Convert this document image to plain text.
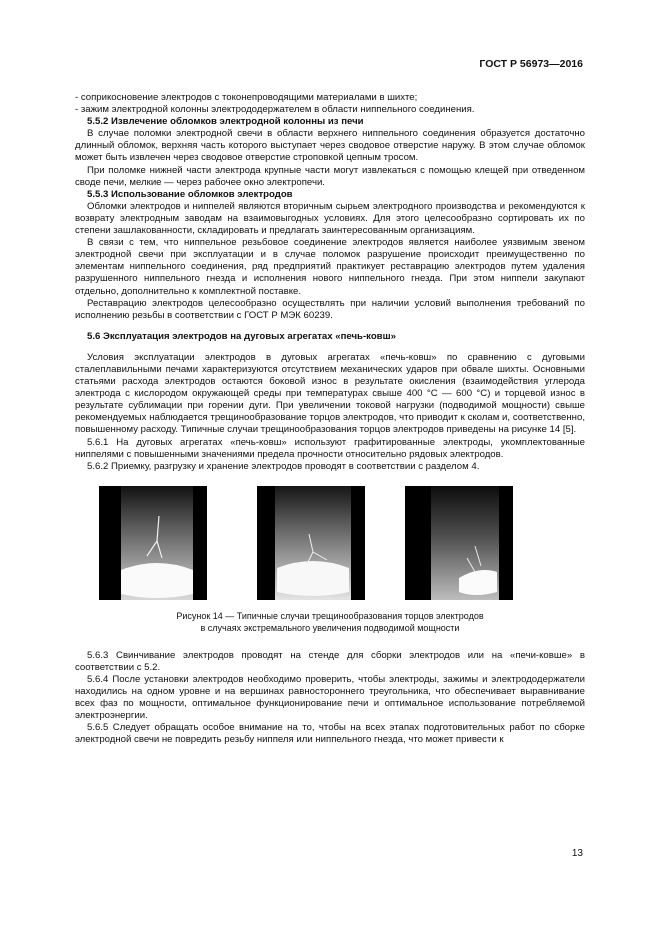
ГОСТ Р 56973—2016

- соприкосновение электродов с токонепроводящими материалами в шихте;

- зажим электродной колонны электрододержателем в области ниппельного соединения.

5.5.2 Извлечение обломков электродной колонны из печи

В случае поломки электродной свечи в области верхнего ниппельного соединения образуется достаточно длинный обломок, верхняя часть которого выступает через сводовое отверстие наружу. В этом случае обломок может быть извлечен через сводовое отверстие строповкой цепным тросом.

При поломке нижней части электрода крупные части могут извлекаться с помощью клещей при отведенном своде печи, мелкие — через рабочее окно электропечи.

5.5.3 Использование обломков электродов

Обломки электродов и ниппелей являются вторичным сырьем электродного производства и рекомендуются к возврату электродным заводам на взаимовыгодных условиях. Для этого целесообразно сортировать их по степени зашлакованности, складировать и предлагать заинтересованным организациям.

В связи с тем, что ниппельное резьбовое соединение электродов является наиболее уязвимым звеном электродной свечи при эксплуатации и в случае поломок разрушение происходит преимущественно по элементам ниппельного соединения, ряд предприятий практикует реставрацию электродов путем удаления разрушенного ниппельного гнезда и исполнения нового ниппельного гнезда. При этом ниппели закупают отдельно, дополнительно к комплектной поставке.

Реставрацию электродов целесообразно осуществлять при наличии условий выполнения требований по исполнению резьбы в соответствии с ГОСТ Р МЭК 60239.

5.6 Эксплуатация электродов на дуговых агрегатах «печь-ковш»

Условия эксплуатации электродов в дуговых агрегатах «печь-ковш» по сравнению с дуговыми сталеплавильными печами характеризуются отсутствием механических ударов при обвале шихты. Основными статьями расхода электродов остаются боковой износ в результате окисления (взаимодействия углерода электрода с кислородом окружающей среды при температурах свыше 400 °C — 600 °C) и торцевой износ в результате сублимации при горении дуги. При увеличении токовой нагрузки (подводимой мощности) свыше рекомендуемых наблюдается трещинообразование торцов электродов, что приводит к сколам и, соответственно, повышенному расходу. Типичные случаи трещинообразования торцов электродов приведены на рисунке 14 [5].

5.6.1 На дуговых агрегатах «печь-ковш» используют графитированные электроды, укомплектованные ниппелями с повышенными значениями предела прочности относительно рядовых электродов.

5.6.2 Приемку, разгрузку и хранение электродов проводят в соответствии с разделом 4.

Рисунок 14 — Типичные случаи трещинообразования торцов электродов
в случаях экстремального увеличения подводимой мощности

5.6.3 Свинчивание электродов проводят на стенде для сборки электродов или на «печи-ковше» в соответствии с 5.2.

5.6.4 После установки электродов необходимо проверить, чтобы электроды, зажимы и электрододержатели находились на одном уровне и на вершинах равностороннего треугольника, что обеспечивает выравнивание всех фаз по мощности, оптимальное функционирование печи и оптимальное использование потребляемой электроэнергии.

5.6.5 Следует обращать особое внимание на то, чтобы на всех этапах подготовительных работ по сборке электродной свечи не повредить резьбу ниппеля или ниппельного гнезда, что может привести к

13
